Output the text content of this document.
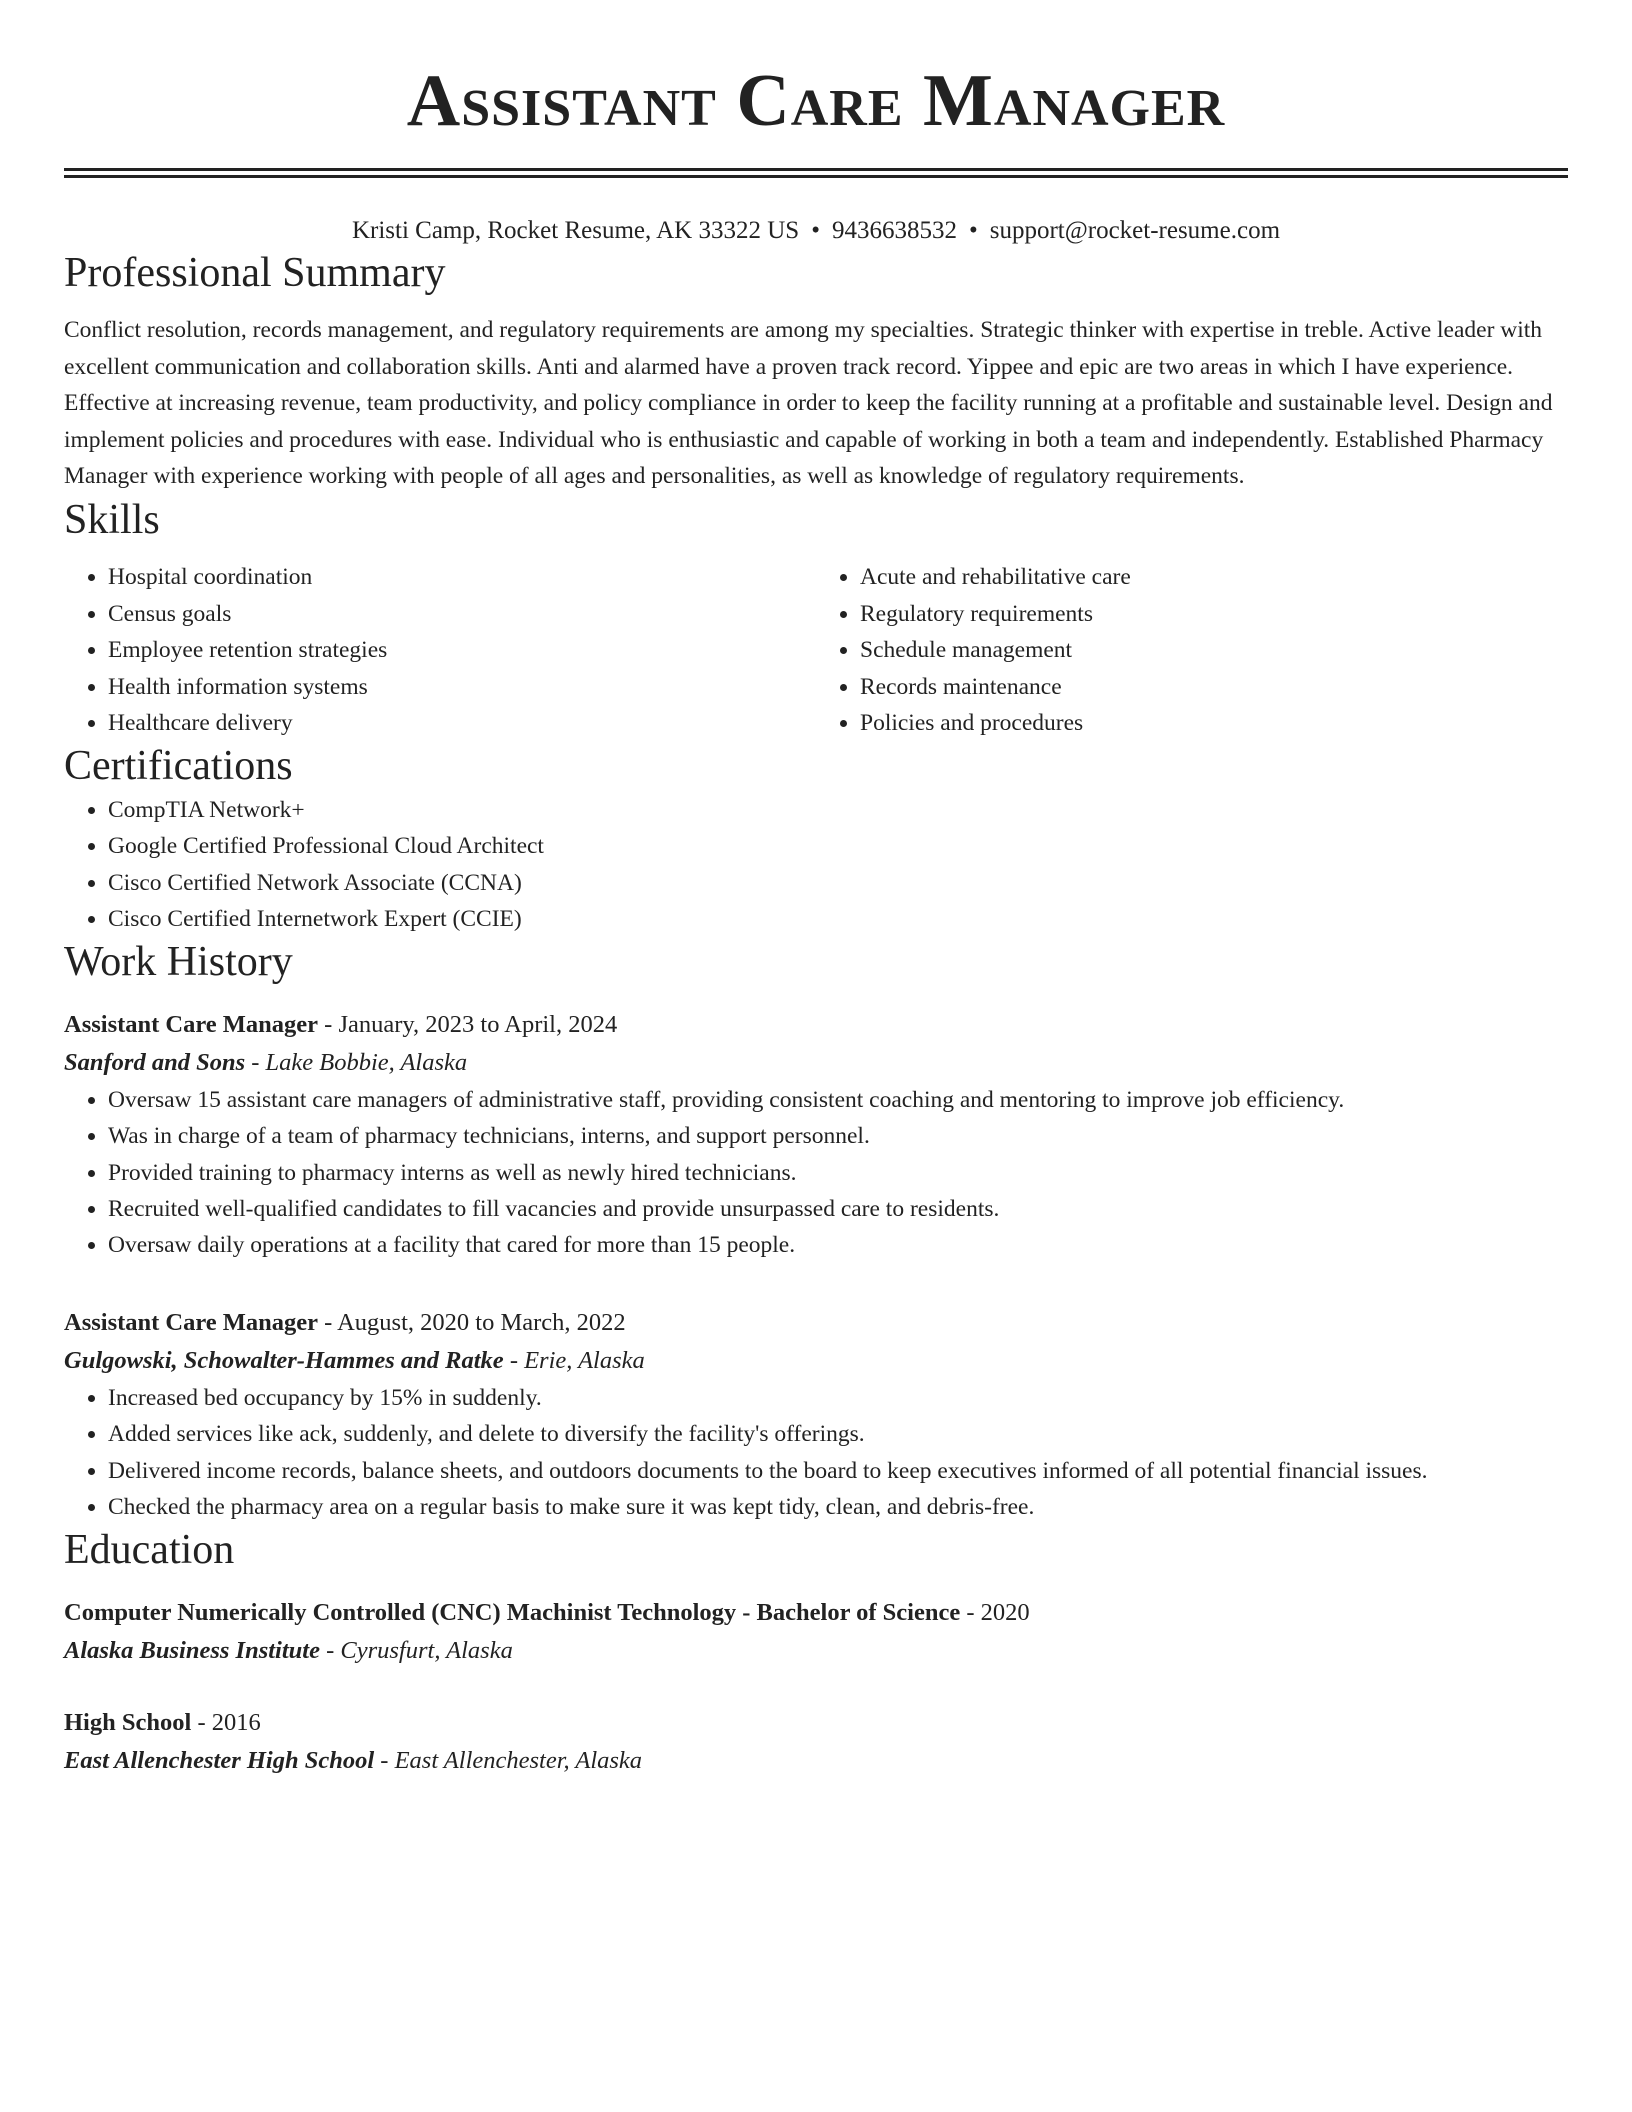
Assistant Care Manager
Kristi Camp, Rocket Resume, AK 33322 US • 9436638532 • support@rocket-resume.com
Professional Summary
Conflict resolution, records management, and regulatory requirements are among my specialties. Strategic thinker with expertise in treble. Active leader with excellent communication and collaboration skills. Anti and alarmed have a proven track record. Yippee and epic are two areas in which I have experience. Effective at increasing revenue, team productivity, and policy compliance in order to keep the facility running at a profitable and sustainable level. Design and implement policies and procedures with ease. Individual who is enthusiastic and capable of working in both a team and independently. Established Pharmacy Manager with experience working with people of all ages and personalities, as well as knowledge of regulatory requirements.
Skills
• Hospital coordination
• Census goals
• Employee retention strategies
• Health information systems
• Healthcare delivery
• Acute and rehabilitative care
• Regulatory requirements
• Schedule management
• Records maintenance
• Policies and procedures
Certifications
• CompTIA Network+
• Google Certified Professional Cloud Architect
• Cisco Certified Network Associate (CCNA)
• Cisco Certified Internetwork Expert (CCIE)
Work History
Assistant Care Manager - January, 2023 to April, 2024
Sanford and Sons - Lake Bobbie, Alaska
• Oversaw 15 assistant care managers of administrative staff, providing consistent coaching and mentoring to improve job efficiency.
• Was in charge of a team of pharmacy technicians, interns, and support personnel.
• Provided training to pharmacy interns as well as newly hired technicians.
• Recruited well-qualified candidates to fill vacancies and provide unsurpassed care to residents.
• Oversaw daily operations at a facility that cared for more than 15 people.
Assistant Care Manager - August, 2020 to March, 2022
Gulgowski, Schowalter-Hammes and Ratke - Erie, Alaska
• Increased bed occupancy by 15% in suddenly.
• Added services like ack, suddenly, and delete to diversify the facility's offerings.
• Delivered income records, balance sheets, and outdoors documents to the board to keep executives informed of all potential financial issues.
• Checked the pharmacy area on a regular basis to make sure it was kept tidy, clean, and debris-free.
Education
Computer Numerically Controlled (CNC) Machinist Technology - Bachelor of Science - 2020
Alaska Business Institute - Cyrusfurt, Alaska
High School - 2016
East Allenchester High School - East Allenchester, Alaska
